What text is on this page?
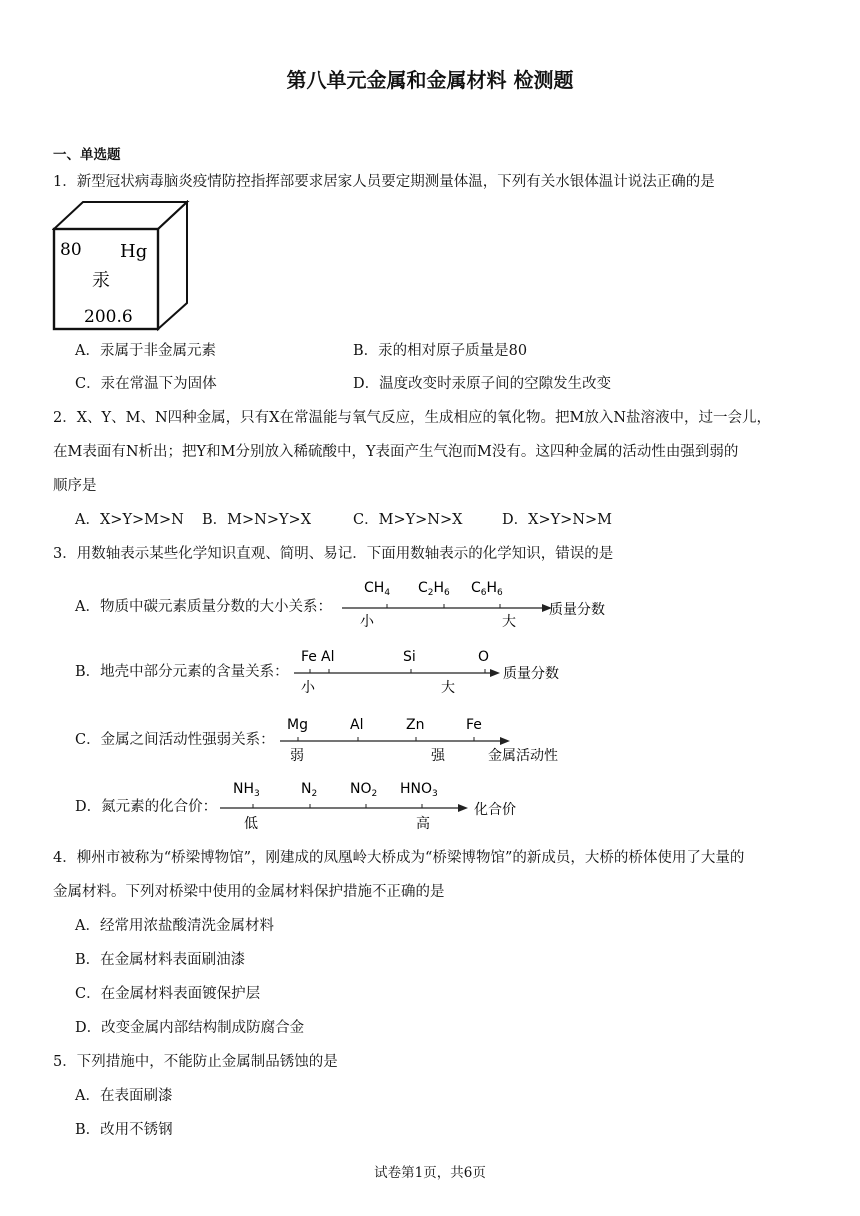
第八单元金属和金属材料 检测题
一、单选题
1．新型冠状病毒脑炎疫情防控指挥部要求居家人员要定期测量体温，下列有关水银体温计说法正确的是
80 Hg
汞
200.6
A．汞属于非金属元素	B．汞的相对原子质量是80
C．汞在常温下为固体	D．温度改变时汞原子间的空隙发生改变
2．X、Y、M、N四种金属，只有X在常温能与氧气反应，生成相应的氧化物。把M放入N盐溶液中，过一会儿，
在M表面有N析出；把Y和M分别放入稀硫酸中，Y表面产生气泡而M没有。这四种金属的活动性由强到弱的
顺序是
A．X>Y>M>N B．M>N>Y>X	C．M>Y>N>X	D．X>Y>N>M
3．用数轴表示某些化学知识直观、简明、易记．下面用数轴表示的化学知识，错误的是
A．物质中碳元素质量分数的大小关系：
$CH_4$ $C_2H_6$ $C_6H_6$
小	大
质量分数
B．地壳中部分元素的含量关系：
Fe Al	Si	O
小	大
质量分数
C．金属之间活动性强弱关系：
Mg	Al	Zn	Fe
弱	强	金属活动性
D．氮元素的化合价：
$NH_3$	$N_2$ $NO_2$ $HNO_3$
低	高
化合价
4．柳州市被称为“桥梁博物馆”，刚建成的凤凰岭大桥成为“桥梁博物馆”的新成员，大桥的桥体使用了大量的
金属材料。下列对桥梁中使用的金属材料保护措施不正确的是
A．经常用浓盐酸清洗金属材料
B．在金属材料表面刷油漆
C．在金属材料表面镀保护层
D．改变金属内部结构制成防腐合金
5．下列措施中，不能防止金属制品锈蚀的是
A．在表面刷漆
B．改用不锈钢
试卷第1页，共6页
